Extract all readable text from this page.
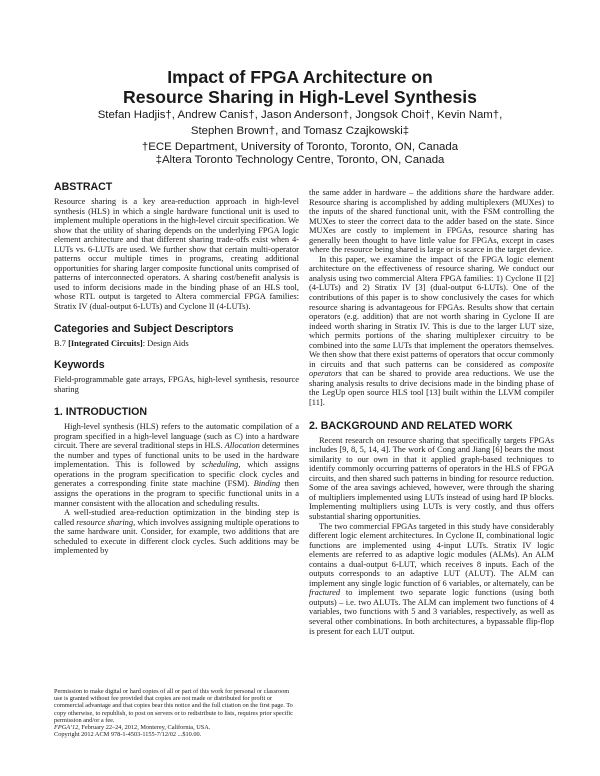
Impact of FPGA Architecture on
Resource Sharing in High-Level Synthesis
Stefan Hadjis†, Andrew Canis†, Jason Anderson†, Jongsok Choi†, Kevin Nam†,
Stephen Brown†, and Tomasz Czajkowski‡
†ECE Department, University of Toronto, Toronto, ON, Canada
‡Altera Toronto Technology Centre, Toronto, ON, Canada
ABSTRACT

Resource sharing is a key area-reduction approach in high-level synthesis (HLS) in which a single hardware functional unit is used to implement multiple operations in the high-level circuit specification. We show that the utility of sharing depends on the underlying FPGA logic element architecture and that different sharing trade-offs exist when 4-LUTs vs. 6-LUTs are used. We further show that certain multi-operator patterns occur multiple times in programs, creating additional opportunities for sharing larger composite functional units comprised of patterns of interconnected operators. A sharing cost/benefit analysis is used to inform decisions made in the binding phase of an HLS tool, whose RTL output is targeted to Altera commercial FPGA families: Stratix IV (dual-output 6-LUTs) and Cyclone II (4-LUTs).

Categories and Subject Descriptors

B.7 [Integrated Circuits]: Design Aids

Keywords

Field-programmable gate arrays, FPGAs, high-level synthesis, resource sharing

1. INTRODUCTION

High-level synthesis (HLS) refers to the automatic compilation of a program specified in a high-level language (such as C) into a hardware circuit. There are several traditional steps in HLS. Allocation determines the number and types of functional units to be used in the hardware implementation. This is followed by scheduling, which assigns operations in the program specification to specific clock cycles and generates a corresponding finite state machine (FSM). Binding then assigns the operations in the program to specific functional units in a manner consistent with the allocation and scheduling results.

A well-studied area-reduction optimization in the binding step is called resource sharing, which involves assigning multiple operations to the same hardware unit. Consider, for example, two additions that are scheduled to execute in different clock cycles. Such additions may be implemented by

Permission to make digital or hard copies of all or part of this work for personal or classroom use is granted without fee provided that copies are not made or distributed for profit or commercial advantage and that copies bear this notice and the full citation on the first page. To copy otherwise, to republish, to post on servers or to redistribute to lists, requires prior specific permission and/or a fee.
FPGA’12, February 22–24, 2012, Monterey, California, USA.
Copyright 2012 ACM 978-1-4503-1155-7/12/02 ...$10.00.

the same adder in hardware – the additions share the hardware adder. Resource sharing is accomplished by adding multiplexers (MUXes) to the inputs of the shared functional unit, with the FSM controlling the MUXes to steer the correct data to the adder based on the state. Since MUXes are costly to implement in FPGAs, resource sharing has generally been thought to have little value for FPGAs, except in cases where the resource being shared is large or is scarce in the target device.

In this paper, we examine the impact of the FPGA logic element architecture on the effectiveness of resource sharing. We conduct our analysis using two commercial Altera FPGA families: 1) Cyclone II [2] (4-LUTs) and 2) Stratix IV [3] (dual-output 6-LUTs). One of the contributions of this paper is to show conclusively the cases for which resource sharing is advantageous for FPGAs. Results show that certain operators (e.g. addition) that are not worth sharing in Cyclone II are indeed worth sharing in Stratix IV. This is due to the larger LUT size, which permits portions of the sharing multiplexer circuitry to be combined into the same LUTs that implement the operators themselves. We then show that there exist patterns of operators that occur commonly in circuits and that such patterns can be considered as composite operators that can be shared to provide area reductions. We use the sharing analysis results to drive decisions made in the binding phase of the LegUp open source HLS tool [13] built within the LLVM compiler [11].

2. BACKGROUND AND RELATED WORK

Recent research on resource sharing that specifically targets FPGAs includes [9, 8, 5, 14, 4]. The work of Cong and Jiang [6] bears the most similarity to our own in that it applied graph-based techniques to identify commonly occurring patterns of operators in the HLS of FPGA circuits, and then shared such patterns in binding for resource reduction. Some of the area savings achieved, however, were through the sharing of multipliers implemented using LUTs instead of using hard IP blocks. Implementing multipliers using LUTs is very costly, and thus offers substantial sharing opportunities.

The two commercial FPGAs targeted in this study have considerably different logic element architectures. In Cyclone II, combinational logic functions are implemented using 4-input LUTs. Stratix IV logic elements are referred to as adaptive logic modules (ALMs). An ALM contains a dual-output 6-LUT, which receives 8 inputs. Each of the outputs corresponds to an adaptive LUT (ALUT). The ALM can implement any single logic function of 6 variables, or alternately, can be fractured to implement two separate logic functions (using both outputs) – i.e. two ALUTs. The ALM can implement two functions of 4 variables, two functions with 5 and 3 variables, respectively, as well as several other combinations. In both architectures, a bypassable flip-flop is present for each LUT output.
